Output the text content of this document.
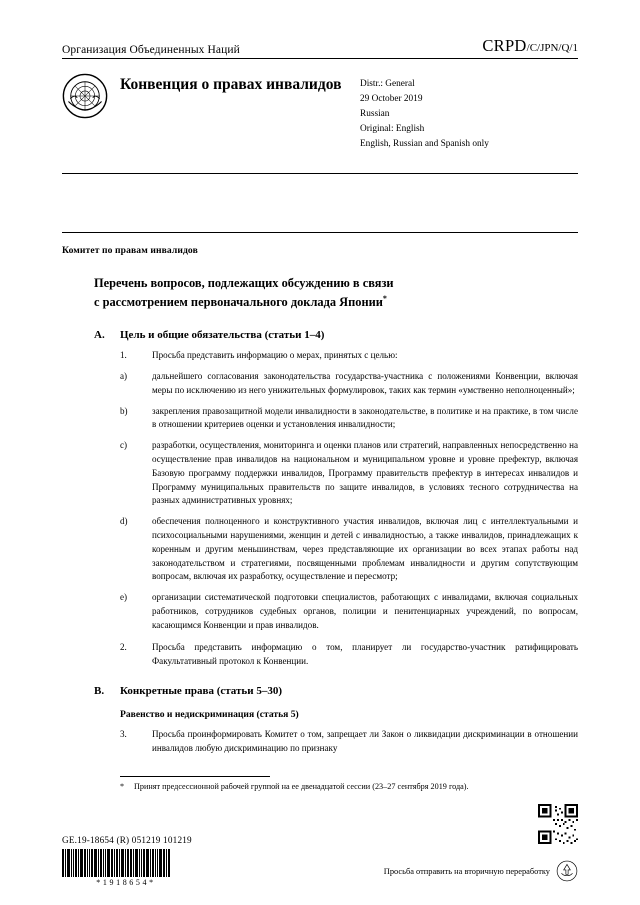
Организация Объединенных Наций	CRPD/C/JPN/Q/1
Конвенция о правах инвалидов	Distr.: General
29 October 2019
Russian
Original: English
English, Russian and Spanish only
Комитет по правам инвалидов
Перечень вопросов, подлежащих обсуждению в связи
с рассмотрением первоначального доклада Японии*
A.	Цель и общие обязательства (статьи 1–4)
1.	Просьба представить информацию о мерах, принятых с целью:
a)	дальнейшего согласования законодательства государства-участника с положениями Конвенции, включая меры по исключению из него унижительных формулировок, таких как термин «умственно неполноценный»;
b)	закрепления правозащитной модели инвалидности в законодательстве, в политике и на практике, в том числе в отношении критериев оценки и установления инвалидности;
c)	разработки, осуществления, мониторинга и оценки планов или стратегий, направленных непосредственно на осуществление прав инвалидов на национальном и муниципальном уровне и уровне префектур, включая Базовую программу поддержки инвалидов, Программу правительств префектур в интересах инвалидов и Программу муниципальных правительств по защите инвалидов, в условиях тесного сотрудничества на разных административных уровнях;
d)	обеспечения полноценного и конструктивного участия инвалидов, включая лиц с интеллектуальными и психосоциальными нарушениями, женщин и детей с инвалидностью, а также инвалидов, принадлежащих к коренным и другим меньшинствам, через представляющие их организации во всех этапах работы над законодательством и стратегиями, посвященными проблемам инвалидности и другим сопутствующим вопросам, включая их разработку, осуществление и пересмотр;
e)	организации систематической подготовки специалистов, работающих с инвалидами, включая социальных работников, сотрудников судебных органов, полиции и пенитенциарных учреждений, по вопросам, касающимся Конвенции и прав инвалидов.
2.	Просьба представить информацию о том, планирует ли государство-участник ратифицировать Факультативный протокол к Конвенции.
B.	Конкретные права (статьи 5–30)
Равенство и недискриминация (статья 5)
3.	Просьба проинформировать Комитет о том, запрещает ли Закон о ликвидации дискриминации в отношении инвалидов любую дискриминацию по признаку
* Принят предсессионной рабочей группой на ее двенадцатой сессии (23–27 сентября 2019 года).
GE.19-18654 (R) 051219 101219
*1918654*
Просьба отправить на вторичную переработку
